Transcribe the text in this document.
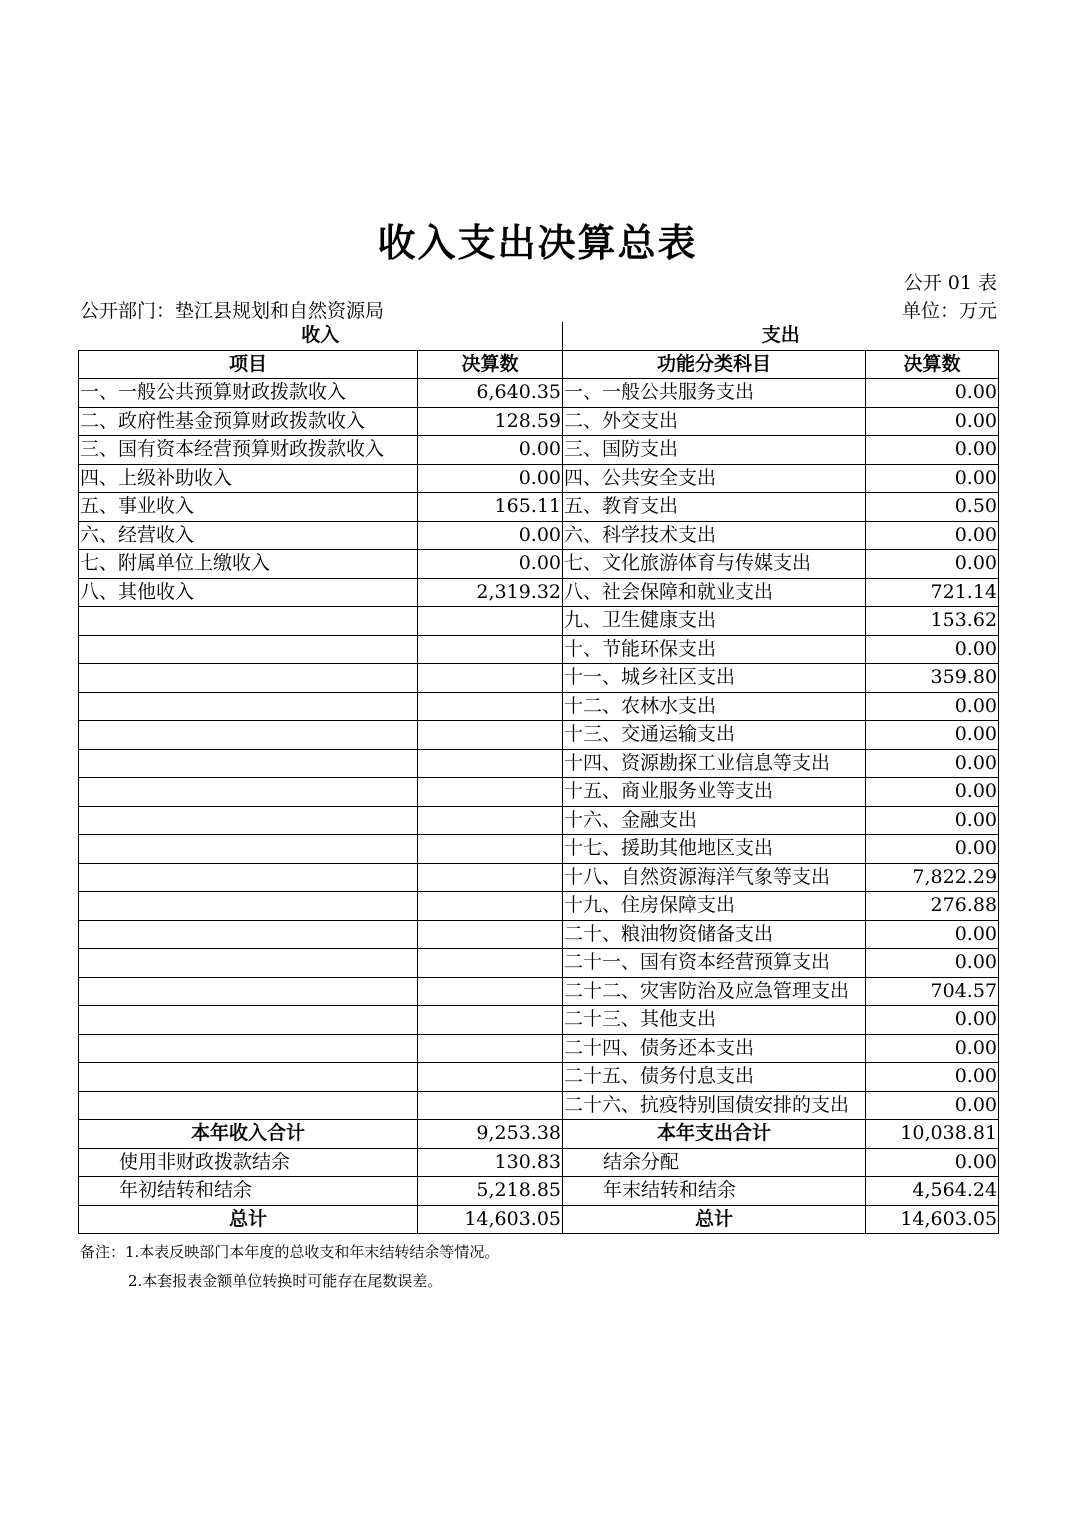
收入支出决算总表
公开 01 表
公开部门：垫江县规划和自然资源局	单位：万元
收入		支出	
项目	决算数	功能分类科目	决算数
一、一般公共预算财政拨款收入	6,640.35	一、一般公共服务支出	0.00
二、政府性基金预算财政拨款收入	128.59	二、外交支出	0.00
三、国有资本经营预算财政拨款收入	0.00	三、国防支出	0.00
四、上级补助收入	0.00	四、公共安全支出	0.00
五、事业收入	165.11	五、教育支出	0.50
六、经营收入	0.00	六、科学技术支出	0.00
七、附属单位上缴收入	0.00	七、文化旅游体育与传媒支出	0.00
八、其他收入	2,319.32	八、社会保障和就业支出	721.14
		九、卫生健康支出	153.62
		十、节能环保支出	0.00
		十一、城乡社区支出	359.80
		十二、农林水支出	0.00
		十三、交通运输支出	0.00
		十四、资源勘探工业信息等支出	0.00
		十五、商业服务业等支出	0.00
		十六、金融支出	0.00
		十七、援助其他地区支出	0.00
		十八、自然资源海洋气象等支出	7,822.29
		十九、住房保障支出	276.88
		二十、粮油物资储备支出	0.00
		二十一、国有资本经营预算支出	0.00
		二十二、灾害防治及应急管理支出	704.57
		二十三、其他支出	0.00
		二十四、债务还本支出	0.00
		二十五、债务付息支出	0.00
		二十六、抗疫特别国债安排的支出	0.00
本年收入合计	9,253.38	本年支出合计	10,038.81
使用非财政拨款结余	130.83	结余分配	0.00
年初结转和结余	5,218.85	年末结转和结余	4,564.24
总计	14,603.05	总计	14,603.05
备注：1.本表反映部门本年度的总收支和年末结转结余等情况。
2.本套报表金额单位转换时可能存在尾数误差。
